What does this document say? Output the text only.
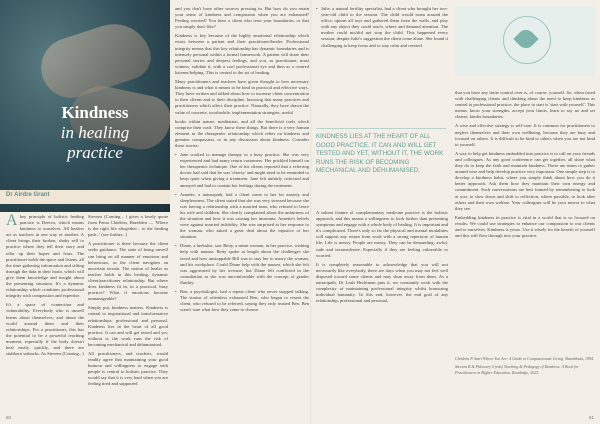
Kindness
in healing
practice
Dr Airdre Grant

Akey principle of holistic healing practice is Deeces, which means kindness to ourselves. All healers act as teachers in one way or another. A client brings their broken, shaky self to practice where they tell their story and offer up their hopes and fears. The practitioner holds the space and listens, all the time gathering information and sifting through the data in their brain, which will give them knowledge and insight about the presenting situation. It's a dynamic relationship which combines professional integrity with compassion and expertise.

It's a space of connection and vulnerability. Everybody who is unwell learns about themselves, and about the world around them and their relationships. For a practitioner, this has the potential to be a powerful teaching moment, especially if the body doesn't heal easily, quickly, and there are stubborn setbacks. As Stevens (Coming...)

Stevens (Coming... ) gives a lovely quote from Pema Chödrön, Hazelden — 'Where is the right life altogether... to the healing path...' (see further...)

A practitioner is there because the client seeks guidance. The state of being unwell can bring on all manner of emotions and behaviours, as the client navigates an uncertain terrain. The notion of healer as teacher holds in this healing, dynamic client/practitioner relationship. But where does kindness fit in, in a practical, busy practice? What if emotions become unmanageable?

Simply put, kindness matters. Kindness is central to inspirational and transformative relationships, professional and personal. Kindness lies in the heart of all good practice. It can and will get tested and yet, without it, the work runs the risk of becoming mechanical and dehumanised.

All practitioners, and teachers, would readily agree that maintaining your good humour and willingness to engage with people is central to holistic practice. They would say that it is very hard when you are feeling tired and supported

and you don't have other sources pressing in. But how do you retain your sense of kindness and compassion when you are exhausted? Feeling worried? You have a client who tests your boundaries, or that you simply don't like?

Kindness is key because of the highly emotional relationship which exists between a patient and their practitioner/healer. Professional integrity means that this key relationship has dynamic boundaries and is intensely personal within a formal framework. A patient will share their personal stories and deepest feelings, and you, as practitioner, must witness, validate it, with a cool professional eye and then as a centred listener/helping. This is central to the art of healing.

Many practitioners and teachers have given thought to how necessary kindness is and what it means to be kind in practical and effective ways. They have written and talked about how to increase client concentration to their clients and to their discipline, knowing that many practices and practitioners which affect their practice. Naturally, they have drawn the value of concrete, worthwhile, implementation strategies, useful

books within nature, meditation, and all the beneficial tools which comprise their craft. They know these things. But there is a very human element in the therapeutic relationship which relies on kindness and genuine compassion, or in any discussion about kindness. Consider these stories:

• Jane worked to manage therapy in a busy practice. She was very experienced and had many return customers. Her prickled himself on her therapeutic technique. One of his clients reported that a referring doctor had said that he was 'cheesy' and might need to be reminded to keep quiet when giving a treatment. Jane felt unfairly criticised and annoyed and had to contain her feelings during the treatment.

• Annette, a naturopath, had a client come to her for anxiety and sleeplessness. The client stated that she was very stressed because she was having a relationship with a married man, who refused to leave his wife and children. She clearly complained about the unfairness of the situation and how it was causing her insomnia. Annette's beliefs were against married infidelity. She was surprised at her response to the woman, who asked a great deal about the injustice of her situation.

• Diane, a herbalist, saw Betty, a mean woman, in her practice, wishing help with nausea. Betty spoke at length about the challenges she faced and how unstoppable Bill was to stay her to marry the woman, and his workplace. Could Diane help with the nausea, which she felt was aggravated by her overuse, but Diane felt conflicted in the consultation as she was uncomfortable with the concept of gender fluidity.

• Ben, a psychologist, had a repeat client who never stopped talking. The strains of relentless exhausted Ben, who began to resent the client, who refused to be referred, saying they only trusted Ben. Ben wasn't sure what how they came to choose.

• Julie, a natural fertility specialist, had a client who brought her two-year-old child to the session. The child would roam around the office, upturn all toys and gathered them from the walls, and play with any object they could reach, where and demand attention. The mother could not/did not stop the child. This happened every session, despite Julie's suggestion the client come alone. She found it challenging to keep focus and to stay calm and centred.

KINDNESS LIES AT THE HEART OF ALL GOOD PRACTICE. IT CAN AND WILL GET TESTED AND YET, WITHOUT IT, THE WORK RUNS THE RISK OF BECOMING MECHANICAL AND DEHUMANISED.

A salient feature of complementary medicine practice is the holistic approach, and this means a willingness to look further than presenting symptoms and engage with a whole body of healing. It is important and it's complicated. There's only so far the physical and mental modalities will support any return from work with a strong repertoire of human life. Life is messy. People are messy. They can be demanding, awful, rude and inconsiderate. Especially if they are feeling vulnerable or worried.

It is completely reasonable to acknowledge that you will not necessarily like everybody, there are days when you may not feel well disposed toward some clients and may shun away from them. As a naturopath, Dr Leah Hechtman puts it, we constantly work with the complexity of maintaining professional integrity whilst honouring individual humanity. To this end, however, the end goal of any relationship, professional and personal,

that you have any finite control over is, of course, yourself. So, when faced with challenging clients and thinking about the need to keep kindness as central to professional practice, the place to start is 'start with yourself'. This means, know your strengths, accept your limits, learn to say no and set clearer, kinder boundaries.

A wise and effective strategy is self-care. It is common for practitioners to neglect themselves and their own wellbeing, because they are busy and focused on others. It is difficult to be kind to others when you are not kind to yourself.

A way to help get kindness embedded into practice is to call on your friends and colleagues. As any good conference can get together, all share what they do to keep the faith and maintain kindness. These are times to gather around wise and help develop practice very important. One simple step is to develop a kindness habit, where you simply think about how you do it better approach. Ask them how they maintain their own energy and commitment. Such conversations are best framed by remembering to look at you, to slow down and shift to reflection, where possible, to look after others and their own welfare. Your colleagues will be your mirror to what they see.

Embedding kindness in practice is vital in a world that is so focused on results. We could use strategies to enhance our compassion to our clients and to ourselves. Kindness is yours. Use it wisely for the benefit of yourself and this will flow through into your practice.

Chödrön P. Start Where You Are: A Guide to Compassionate Living. Shambhala, 1994.

Stevens B & Phlowery S (eds) Teaching & Pedagogy of Kindness: A Book for Practitioners in Higher Education. Routledge, 2023.

60	61
